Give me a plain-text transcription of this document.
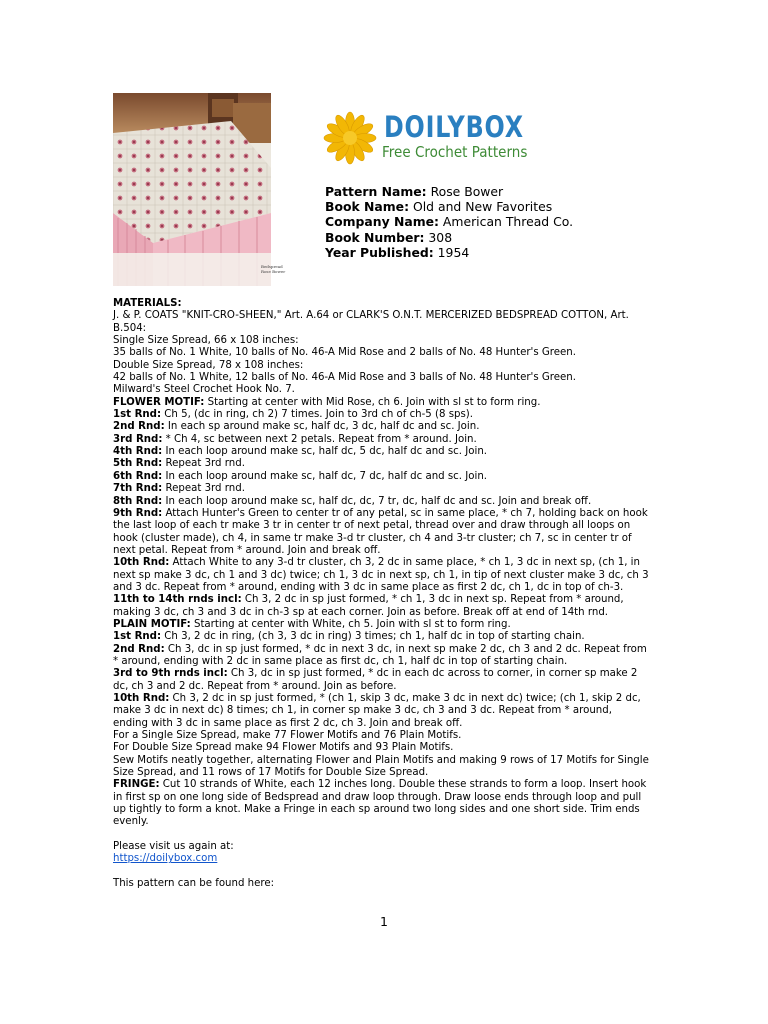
Bedspread
Rose Bower
DOILYBOX
Free Crochet Patterns
Pattern Name: Rose Bower
Book Name: Old and New Favorites
Company Name: American Thread Co.
Book Number: 308
Year Published: 1954
MATERIALS:
J. & P. COATS "KNIT-CRO-SHEEN," Art. A.64 or CLARK'S O.N.T. MERCERIZED BEDSPREAD COTTON, Art.
B.504:
Single Size Spread, 66 x 108 inches:
35 balls of No. 1 White, 10 balls of No. 46-A Mid Rose and 2 balls of No. 48 Hunter's Green.
Double Size Spread, 78 x 108 inches:
42 balls of No. 1 White, 12 balls of No. 46-A Mid Rose and 3 balls of No. 48 Hunter's Green.
Milward's Steel Crochet Hook No. 7.
FLOWER MOTIF: Starting at center with Mid Rose, ch 6. Join with sl st to form ring.
1st Rnd: Ch 5, (dc in ring, ch 2) 7 times. Join to 3rd ch of ch-5 (8 sps).
2nd Rnd: In each sp around make sc, half dc, 3 dc, half dc and sc. Join.
3rd Rnd: * Ch 4, sc between next 2 petals. Repeat from * around. Join.
4th Rnd: In each loop around make sc, half dc, 5 dc, half dc and sc. Join.
5th Rnd: Repeat 3rd rnd.
6th Rnd: In each loop around make sc, half dc, 7 dc, half dc and sc. Join.
7th Rnd: Repeat 3rd rnd.
8th Rnd: In each loop around make sc, half dc, dc, 7 tr, dc, half dc and sc. Join and break off.
9th Rnd: Attach Hunter's Green to center tr of any petal, sc in same place, * ch 7, holding back on hook
the last loop of each tr make 3 tr in center tr of next petal, thread over and draw through all loops on
hook (cluster made), ch 4, in same tr make 3-d tr cluster, ch 4 and 3-tr cluster; ch 7, sc in center tr of
next petal. Repeat from * around. Join and break off.
10th Rnd: Attach White to any 3-d tr cluster, ch 3, 2 dc in same place, * ch 1, 3 dc in next sp, (ch 1, in
next sp make 3 dc, ch 1 and 3 dc) twice; ch 1, 3 dc in next sp, ch 1, in tip of next cluster make 3 dc, ch 3
and 3 dc. Repeat from * around, ending with 3 dc in same place as first 2 dc, ch 1, dc in top of ch-3.
11th to 14th rnds incl: Ch 3, 2 dc in sp just formed, * ch 1, 3 dc in next sp. Repeat from * around,
making 3 dc, ch 3 and 3 dc in ch-3 sp at each corner. Join as before. Break off at end of 14th rnd.
PLAIN MOTIF: Starting at center with White, ch 5. Join with sl st to form ring.
1st Rnd: Ch 3, 2 dc in ring, (ch 3, 3 dc in ring) 3 times; ch 1, half dc in top of starting chain.
2nd Rnd: Ch 3, dc in sp just formed, * dc in next 3 dc, in next sp make 2 dc, ch 3 and 2 dc. Repeat from
* around, ending with 2 dc in same place as first dc, ch 1, half dc in top of starting chain.
3rd to 9th rnds incl: Ch 3, dc in sp just formed, * dc in each dc across to corner, in corner sp make 2
dc, ch 3 and 2 dc. Repeat from * around. Join as before.
10th Rnd: Ch 3, 2 dc in sp just formed, * (ch 1, skip 3 dc, make 3 dc in next dc) twice; (ch 1, skip 2 dc,
make 3 dc in next dc) 8 times; ch 1, in corner sp make 3 dc, ch 3 and 3 dc. Repeat from * around,
ending with 3 dc in same place as first 2 dc, ch 3. Join and break off.
For a Single Size Spread, make 77 Flower Motifs and 76 Plain Motifs.
For Double Size Spread make 94 Flower Motifs and 93 Plain Motifs.
Sew Motifs neatly together, alternating Flower and Plain Motifs and making 9 rows of 17 Motifs for Single
Size Spread, and 11 rows of 17 Motifs for Double Size Spread.
FRINGE: Cut 10 strands of White, each 12 inches long. Double these strands to form a loop. Insert hook
in first sp on one long side of Bedspread and draw loop through. Draw loose ends through loop and pull
up tightly to form a knot. Make a Fringe in each sp around two long sides and one short side. Trim ends
evenly.
Please visit us again at:
https://doilybox.com
This pattern can be found here:
1
